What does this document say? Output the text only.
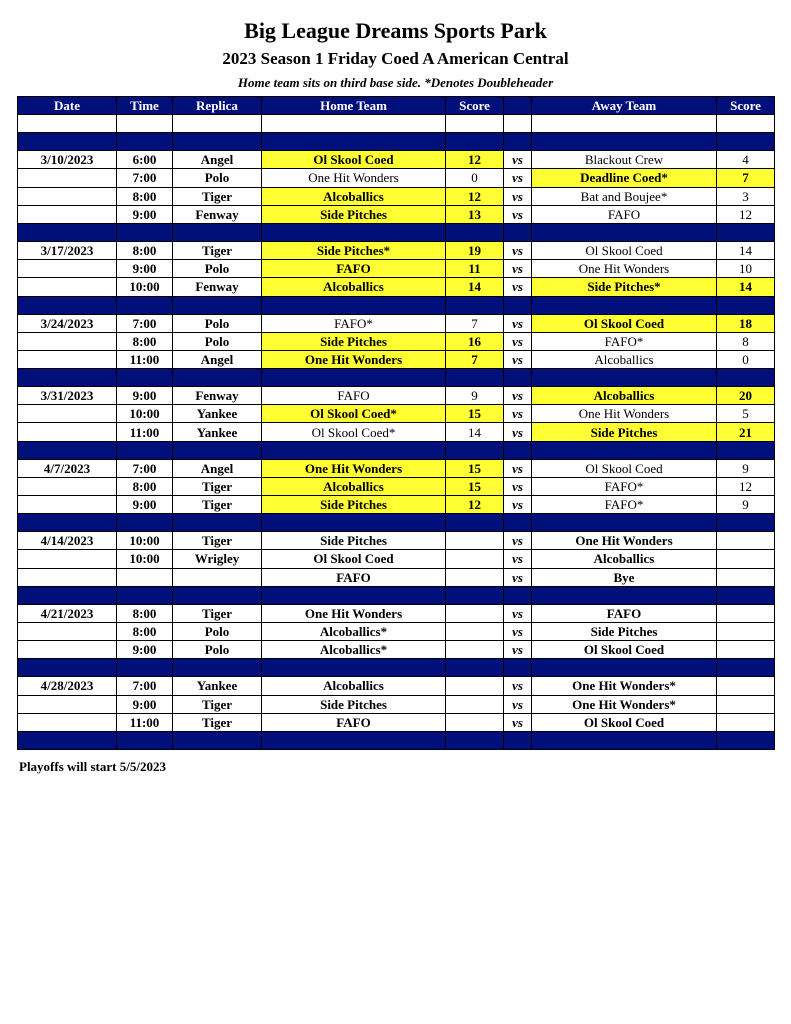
Big League Dreams Sports Park
2023 Season 1 Friday Coed A American Central
Home team sits on third base side. *Denotes Doubleheader
Date	Time	Replica	Home Team	Score		Away Team	Score

3/10/2023	6:00	Angel	Ol Skool Coed	12	vs	Blackout Crew	4
	7:00	Polo	One Hit Wonders	0	vs	Deadline Coed*	7
	8:00	Tiger	Alcoballics	12	vs	Bat and Boujee*	3
	9:00	Fenway	Side Pitches	13	vs	FAFO	12

3/17/2023	8:00	Tiger	Side Pitches*	19	vs	Ol Skool Coed	14
	9:00	Polo	FAFO	11	vs	One Hit Wonders	10
	10:00	Fenway	Alcoballics	14	vs	Side Pitches*	14

3/24/2023	7:00	Polo	FAFO*	7	vs	Ol Skool Coed	18
	8:00	Polo	Side Pitches	16	vs	FAFO*	8
	11:00	Angel	One Hit Wonders	7	vs	Alcoballics	0

3/31/2023	9:00	Fenway	FAFO	9	vs	Alcoballics	20
	10:00	Yankee	Ol Skool Coed*	15	vs	One Hit Wonders	5
	11:00	Yankee	Ol Skool Coed*	14	vs	Side Pitches	21

4/7/2023	7:00	Angel	One Hit Wonders	15	vs	Ol Skool Coed	9
	8:00	Tiger	Alcoballics	15	vs	FAFO*	12
	9:00	Tiger	Side Pitches	12	vs	FAFO*	9

4/14/2023	10:00	Tiger	Side Pitches		vs	One Hit Wonders	
	10:00	Wrigley	Ol Skool Coed		vs	Alcoballics	
			FAFO		vs	Bye	

4/21/2023	8:00	Tiger	One Hit Wonders		vs	FAFO	
	8:00	Polo	Alcoballics*		vs	Side Pitches	
	9:00	Polo	Alcoballics*		vs	Ol Skool Coed	

4/28/2023	7:00	Yankee	Alcoballics		vs	One Hit Wonders*	
	9:00	Tiger	Side Pitches		vs	One Hit Wonders*	
	11:00	Tiger	FAFO		vs	Ol Skool Coed	

Playoffs will start 5/5/2023
